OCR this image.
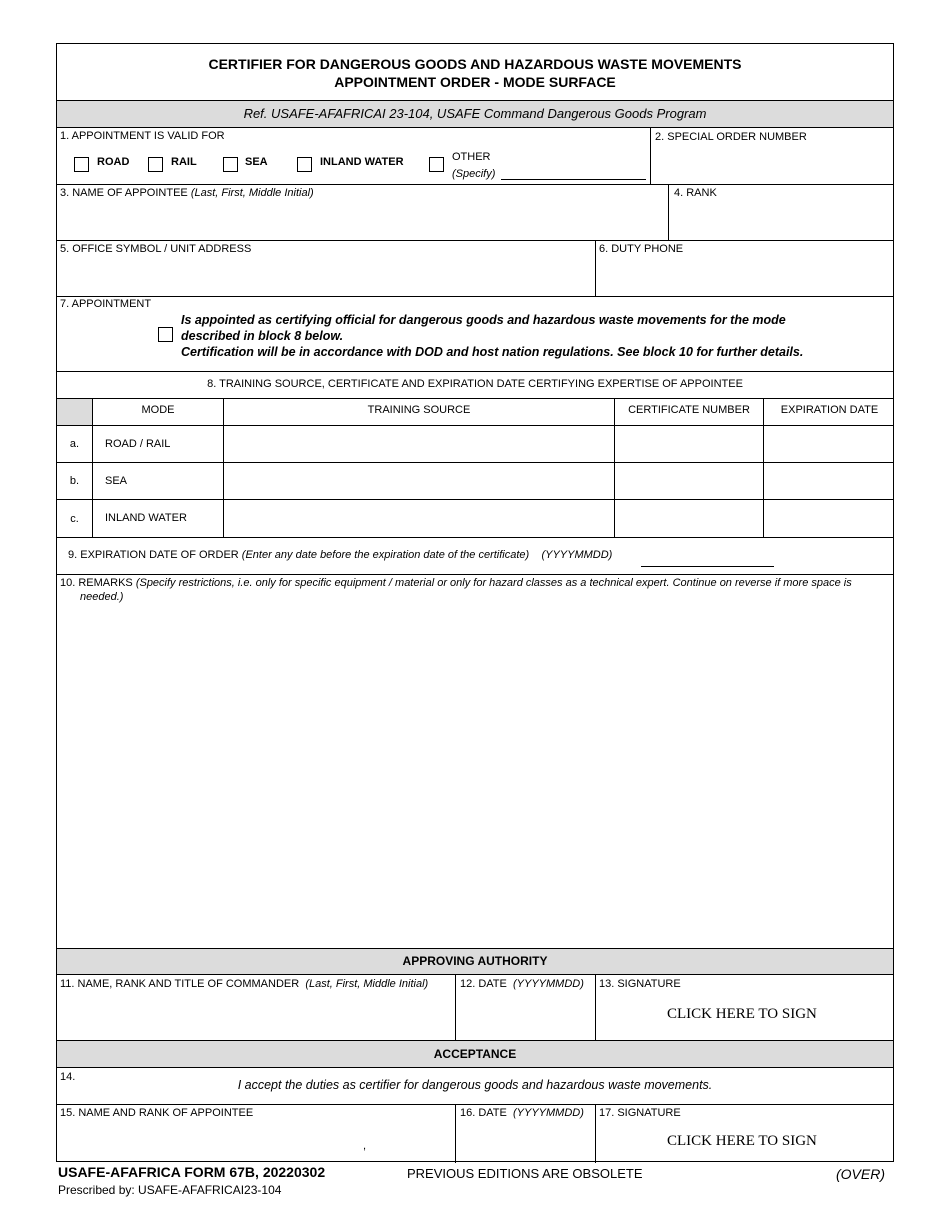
CERTIFIER FOR DANGEROUS GOODS AND HAZARDOUS WASTE MOVEMENTS
APPOINTMENT ORDER - MODE SURFACE
Ref. USAFE-AFAFRICAI 23-104, USAFE Command Dangerous Goods Program
1. APPOINTMENT IS VALID FOR
ROAD	RAIL	SEA	INLAND WATER	OTHER
(Specify)
2. SPECIAL ORDER NUMBER
3. NAME OF APPOINTEE (Last, First, Middle Initial)	4. RANK
5. OFFICE SYMBOL / UNIT ADDRESS	6. DUTY PHONE
7. APPOINTMENT
Is appointed as certifying official for dangerous goods and hazardous waste movements for the mode
described in block 8 below.
Certification will be in accordance with DOD and host nation regulations. See block 10 for further details.
8. TRAINING SOURCE, CERTIFICATE AND EXPIRATION DATE CERTIFYING EXPERTISE OF APPOINTEE
MODE	TRAINING SOURCE	CERTIFICATE NUMBER	EXPIRATION DATE
a.	ROAD / RAIL
b.	SEA
c.	INLAND WATER
9. EXPIRATION DATE OF ORDER (Enter any date before the expiration date of the certificate) (YYYYMMDD)
10. REMARKS (Specify restrictions, i.e. only for specific equipment / material or only for hazard classes as a technical expert. Continue on reverse if more space is
needed.)
APPROVING AUTHORITY
11. NAME, RANK AND TITLE OF COMMANDER (Last, First, Middle Initial)	12. DATE (YYYYMMDD) 13. SIGNATURE
CLICK HERE TO SIGN
ACCEPTANCE
14.
I accept the duties as certifier for dangerous goods and hazardous waste movements.
15. NAME AND RANK OF APPOINTEE
,
16. DATE (YYYYMMDD) 17. SIGNATURE
CLICK HERE TO SIGN
USAFE-AFAFRICA FORM 67B, 20220302
Prescribed by: USAFE-AFAFRICAI23-104
PREVIOUS EDITIONS ARE OBSOLETE	(OVER)
